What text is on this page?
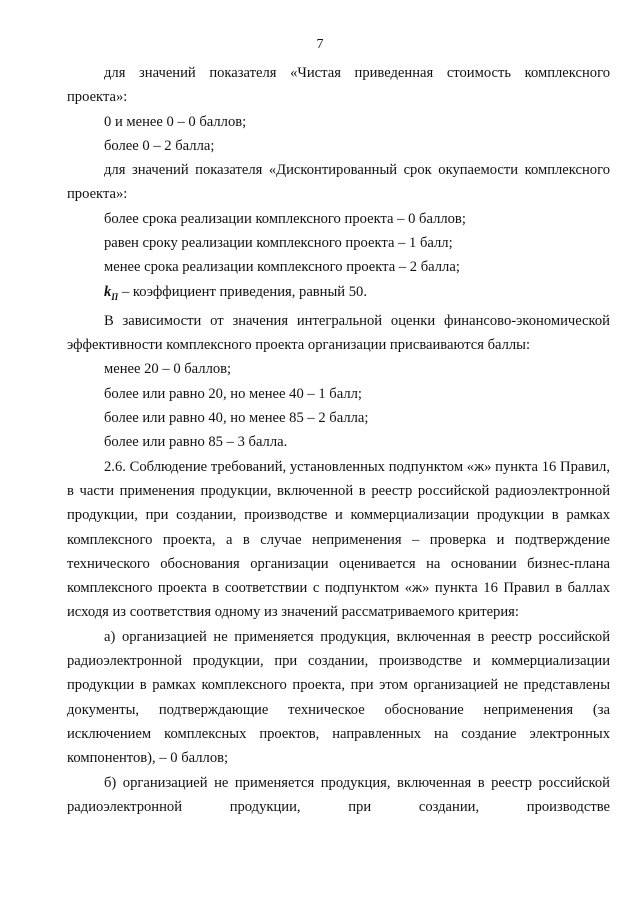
7

для значений показателя «Чистая приведенная стоимость комплексного проекта»:

0 и менее 0 – 0 баллов;

более 0 – 2 балла;

для значений показателя «Дисконтированный срок окупаемости комплексного проекта»:

более срока реализации комплексного проекта – 0 баллов;

равен сроку реализации комплексного проекта – 1 балл;

менее срока реализации комплексного проекта – 2 балла;

$k_П$ – коэффициент приведения, равный 50.

В зависимости от значения интегральной оценки финансово-экономической эффективности комплексного проекта организации присваиваются баллы:

менее 20 – 0 баллов;

более или равно 20, но менее 40 – 1 балл;

более или равно 40, но менее 85 – 2 балла;

более или равно 85 – 3 балла.

2.6. Соблюдение требований, установленных подпунктом «ж» пункта 16 Правил, в части применения продукции, включенной в реестр российской радиоэлектронной продукции, при создании, производстве и коммерциализации продукции в рамках комплексного проекта, а в случае неприменения – проверка и подтверждение технического обоснования организации оценивается на основании бизнес-плана комплексного проекта в соответствии с подпунктом «ж» пункта 16 Правил в баллах исходя из соответствия одному из значений рассматриваемого критерия:

а) организацией не применяется продукция, включенная в реестр российской радиоэлектронной продукции, при создании, производстве и коммерциализации продукции в рамках комплексного проекта, при этом организацией не представлены документы, подтверждающие техническое обоснование неприменения (за исключением комплексных проектов, направленных на создание электронных компонентов), – 0 баллов;

б) организацией не применяется продукция, включенная в реестр российской радиоэлектронной продукции, при создании, производстве
